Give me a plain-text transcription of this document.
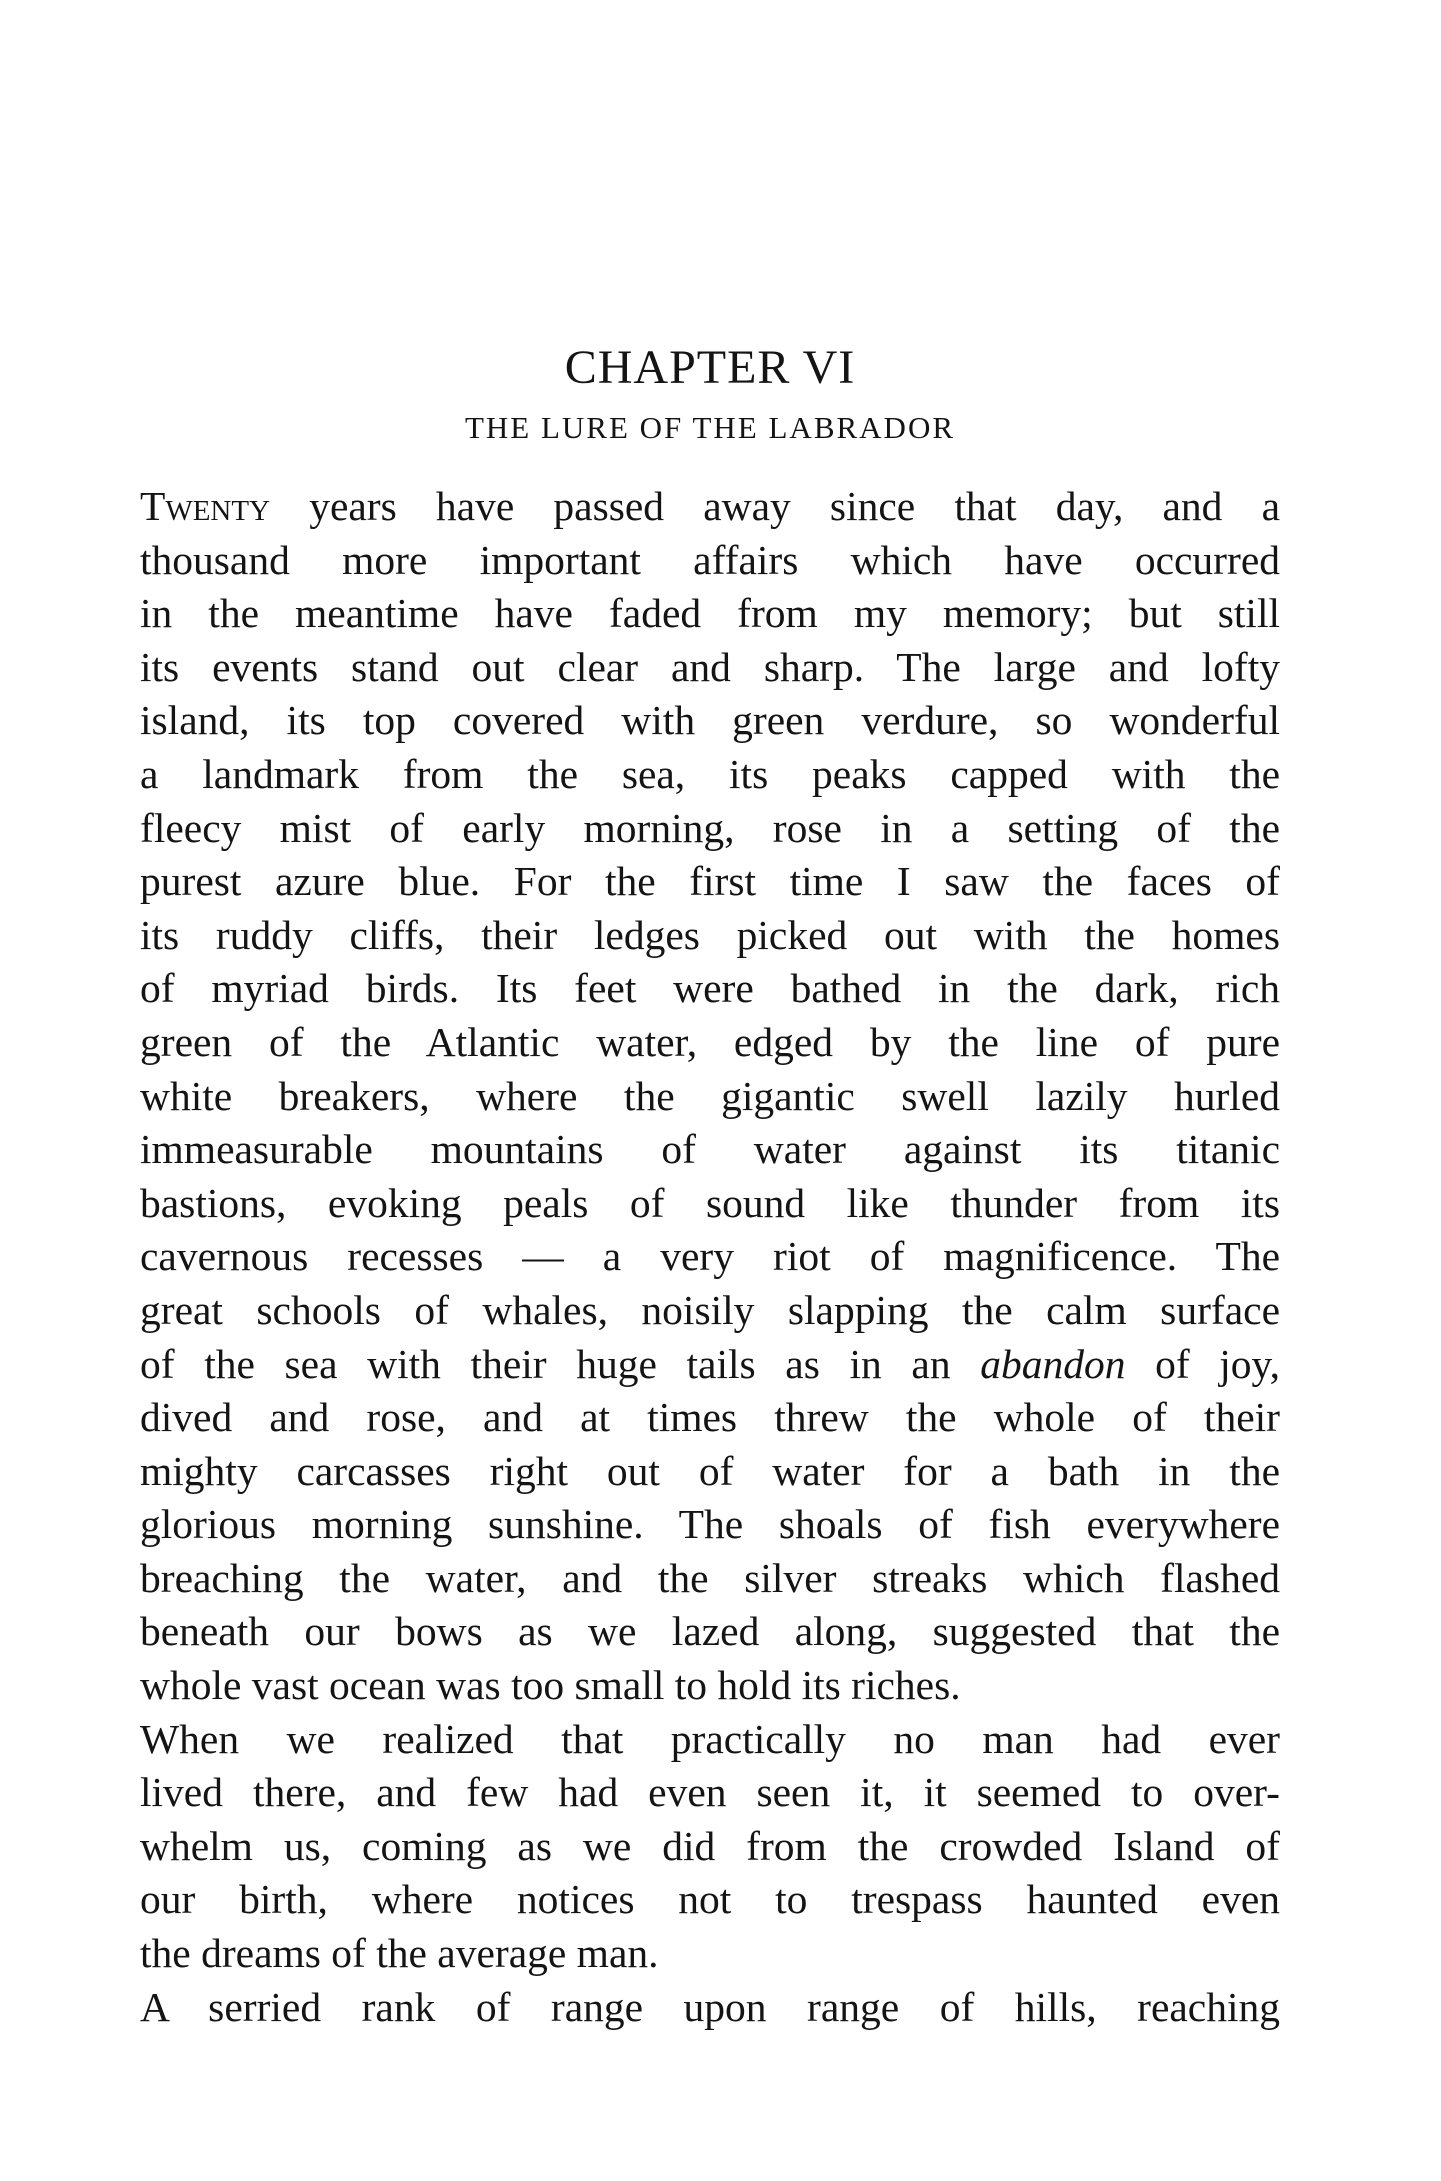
CHAPTER VI
THE LURE OF THE LABRADOR
Twenty years have passed away since that day, and a
thousand more important affairs which have occurred
in the meantime have faded from my memory; but still
its events stand out clear and sharp. The large and lofty
island, its top covered with green verdure, so wonderful
a landmark from the sea, its peaks capped with the
fleecy mist of early morning, rose in a setting of the
purest azure blue. For the first time I saw the faces of
its ruddy cliffs, their ledges picked out with the homes
of myriad birds. Its feet were bathed in the dark, rich
green of the Atlantic water, edged by the line of pure
white breakers, where the gigantic swell lazily hurled
immeasurable mountains of water against its titanic
bastions, evoking peals of sound like thunder from its
cavernous recesses — a very riot of magnificence. The
great schools of whales, noisily slapping the calm surface
of the sea with their huge tails as in an abandon of joy,
dived and rose, and at times threw the whole of their
mighty carcasses right out of water for a bath in the
glorious morning sunshine. The shoals of fish everywhere
breaching the water, and the silver streaks which flashed
beneath our bows as we lazed along, suggested that the
whole vast ocean was too small to hold its riches.
When we realized that practically no man had ever
lived there, and few had even seen it, it seemed to over-
whelm us, coming as we did from the crowded Island of
our birth, where notices not to trespass haunted even
the dreams of the average man.
A serried rank of range upon range of hills, reaching
